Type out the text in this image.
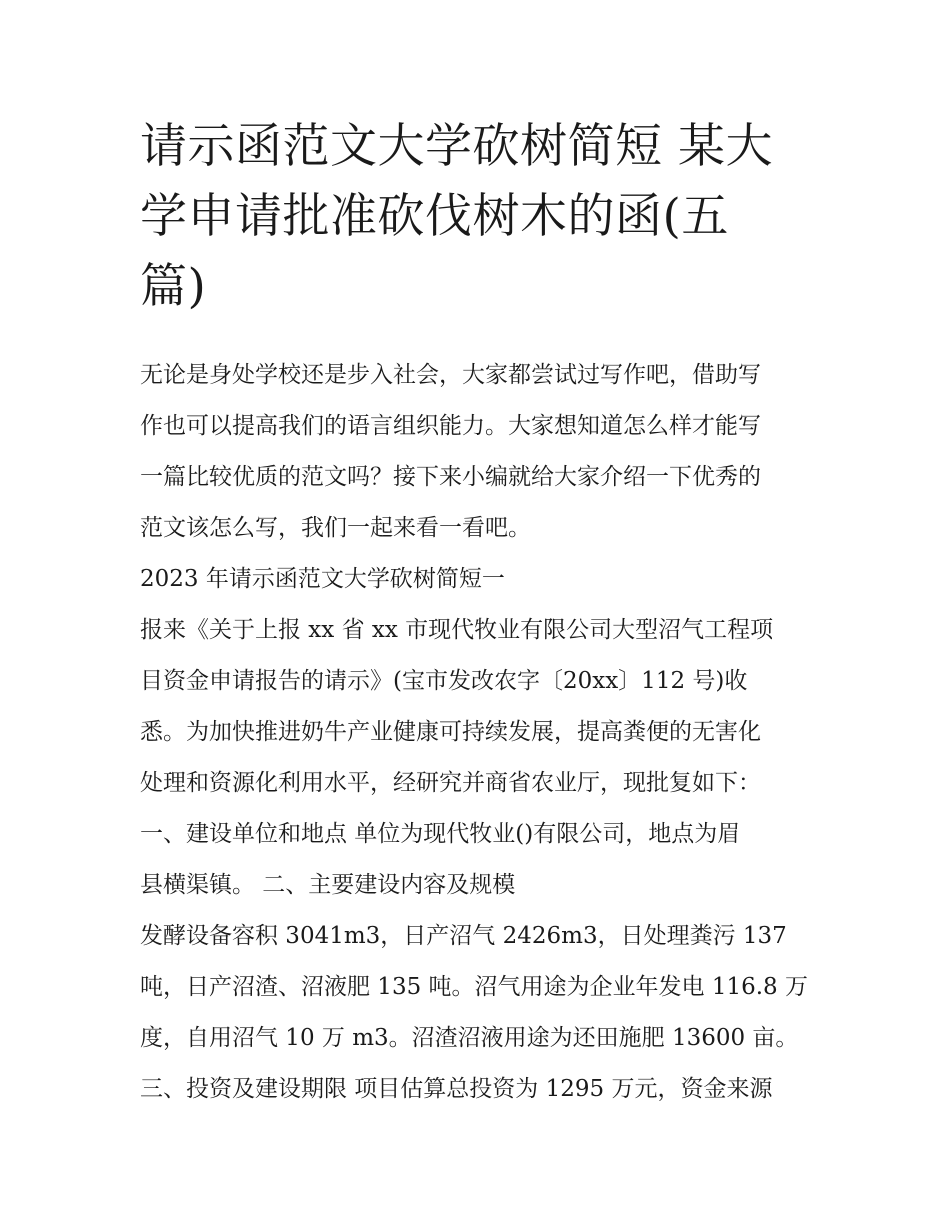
请示函范文大学砍树简短 某大
学申请批准砍伐树木的函(五
篇)
无论是身处学校还是步入社会，大家都尝试过写作吧，借助写
作也可以提高我们的语言组织能力。大家想知道怎么样才能写
一篇比较优质的范文吗？接下来小编就给大家介绍一下优秀的
范文该怎么写，我们一起来看一看吧。
2023 年请示函范文大学砍树简短一
报来《关于上报 xx 省 xx 市现代牧业有限公司大型沼气工程项
目资金申请报告的请示》(宝市发改农字〔20xx〕112 号)收
悉。为加快推进奶牛产业健康可持续发展，提高粪便的无害化
处理和资源化利用水平，经研究并商省农业厅，现批复如下：
一、建设单位和地点 单位为现代牧业()有限公司，地点为眉
县横渠镇。 二、主要建设内容及规模
发酵设备容积 3041m3，日产沼气 2426m3，日处理粪污 137
吨，日产沼渣、沼液肥 135 吨。沼气用途为企业年发电 116.8 万
度，自用沼气 10 万 m3。沼渣沼液用途为还田施肥 13600 亩。
三、投资及建设期限 项目估算总投资为 1295 万元，资金来源
